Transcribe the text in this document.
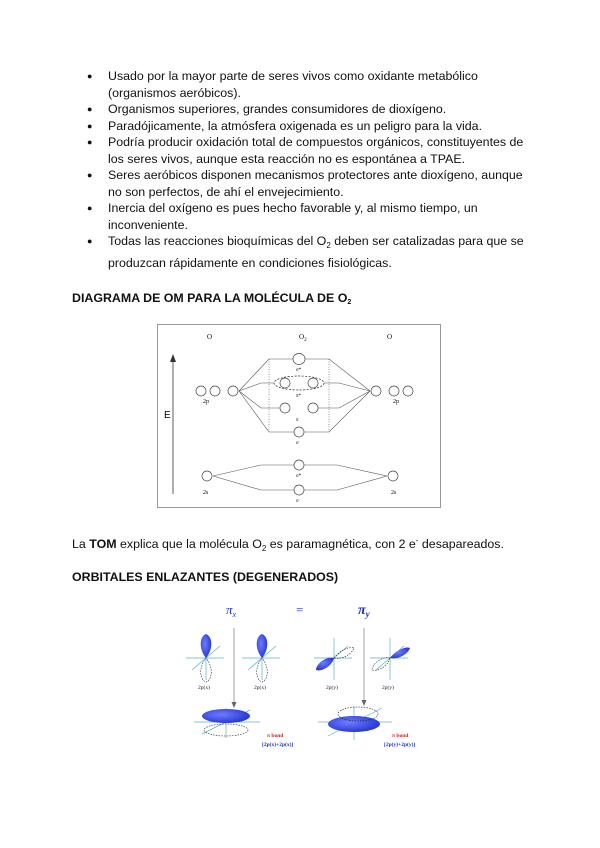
● Usado por la mayor parte de seres vivos como oxidante metabólico (organismos aeróbicos).
● Organismos superiores, grandes consumidores de dioxígeno.
● Paradójicamente, la atmósfera oxigenada es un peligro para la vida.
● Podría producir oxidación total de compuestos orgánicos, constituyentes de los seres vivos, aunque esta reacción no es espontánea a TPAE.
● Seres aeróbicos disponen mecanismos protectores ante dioxígeno, aunque no son perfectos, de ahí el envejecimiento.
● Inercia del oxígeno es pues hecho favorable y, al mismo tiempo, un inconveniente.
● Todas las reacciones bioquímicas del $O_2$ deben ser catalizadas para que se produzcan rápidamente en condiciones fisiológicas.
DIAGRAMA DE OM PARA LA MOLÉCULA DE $O_2$
O	$O_2$	O
E
2p	2p
σ*
π*
π
σ
σ*
σ
2s	2s
La TOM explica que la molécula $O_2$ es paramagnética, con 2 e- desapareados.
ORBITALES ENLAZANTES (DEGENERADOS)
$\pi_x$	=	$\pi_y$
2p(x)	2p(x)	2p(y)	2p(y)
π bond
[2p(x)+2p(x)]
π bond
[2p(y)+2p(y)]
